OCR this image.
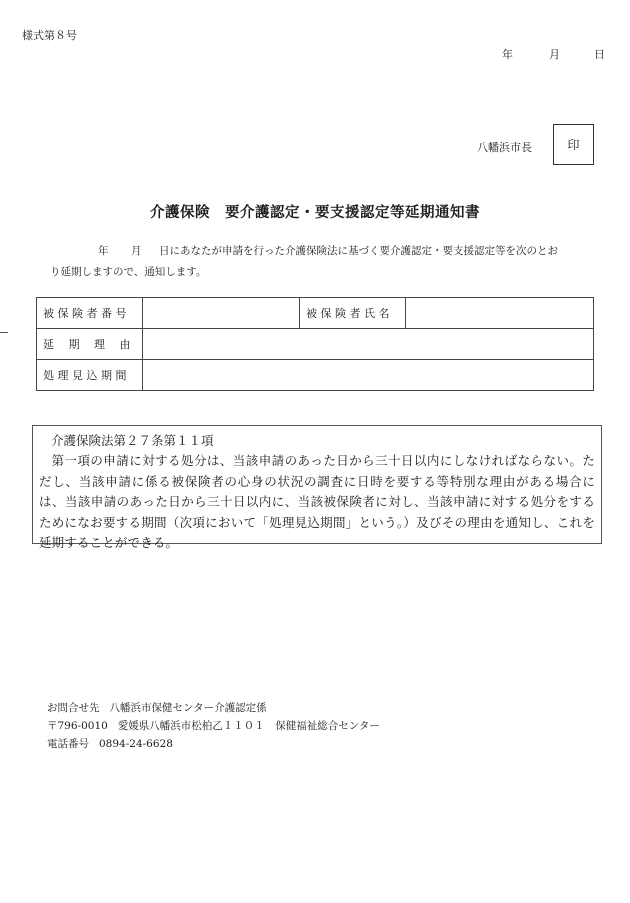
様式第８号
年	月	日
八幡浜市長	印
介護保険　要介護認定・要支援認定等延期通知書
年 月 日にあなたが申請を行った介護保険法に基づく要介護認定・要支援認定等を次のとお
り延期しますので、通知します。
被 保 険 者 番 号		被 保 険 者 氏 名	
延　 期　 理　 由			
処 理 見 込 期 間			
介護保険法第２７条第１１項
第一項の申請に対する処分は、当該申請のあった日から三十日以内にしなければならない。ただし、当該申請に係る被保険者の心身の状況の調査に日時を要する等特別な理由がある場合には、当該申請のあった日から三十日以内に、当該被保険者に対し、当該申請に対する処分をするためになお要する期間（次項において「処理見込期間」という。）及びその理由を通知し、これを延期することができる。
お問合せ先 八幡浜市保健センター介護認定係
〒796-0010 愛媛県八幡浜市松柏乙１１０１　保健福祉総合センター
電話番号 0894-24-6628
